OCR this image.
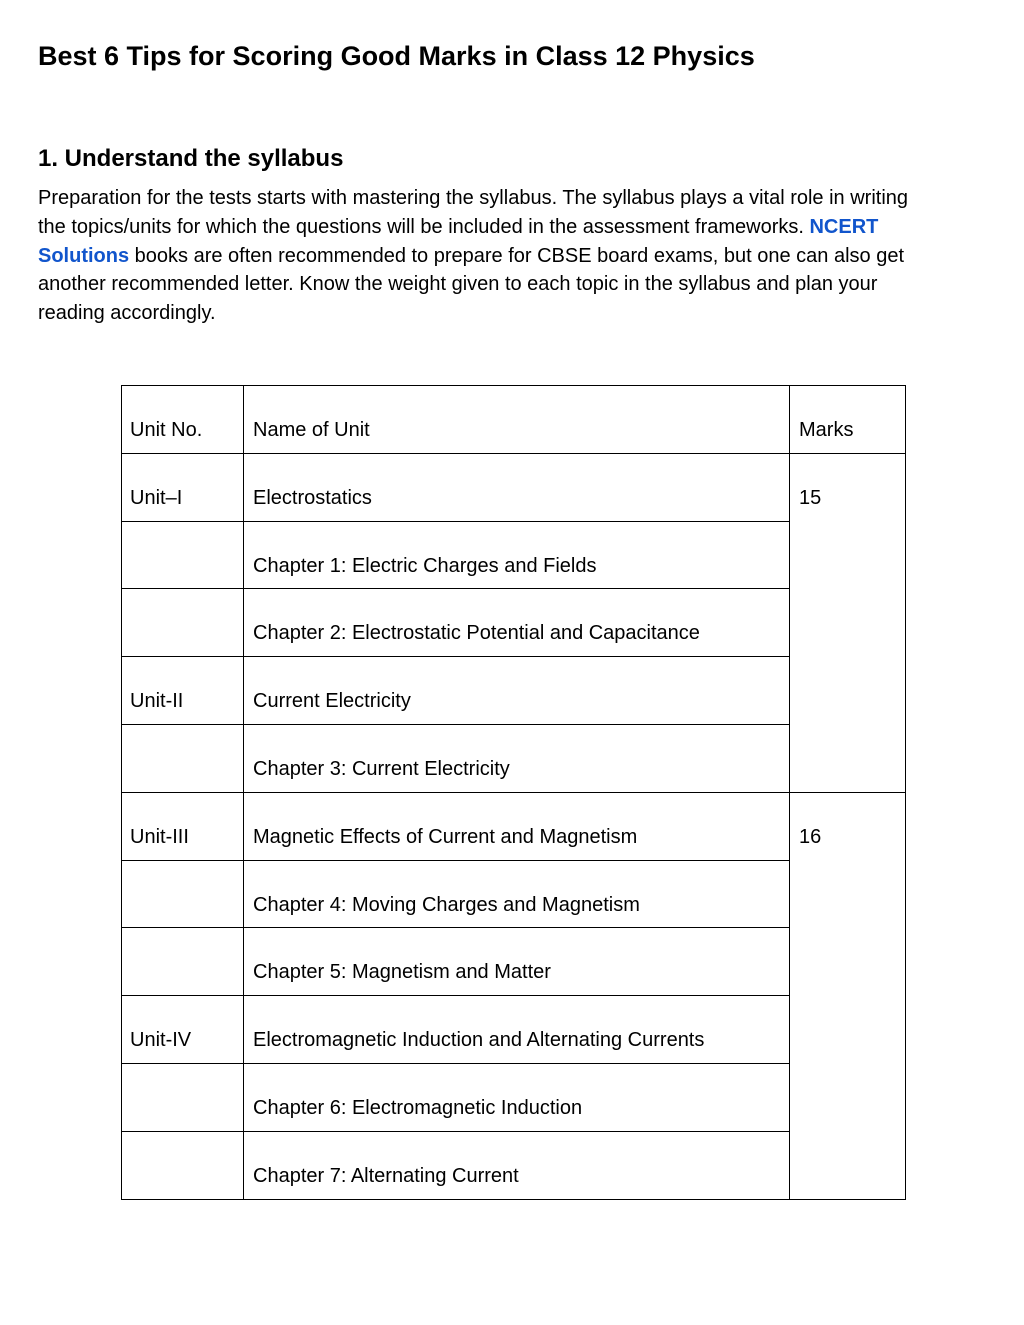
Best 6 Tips for Scoring Good Marks in Class 12 Physics
1. Understand the syllabus

Preparation for the tests starts with mastering the syllabus. The syllabus plays a vital role in writing the topics/units for which the questions will be included in the assessment frameworks. NCERT Solutions books are often recommended to prepare for CBSE board exams, but one can also get another recommended letter. Know the weight given to each topic in the syllabus and plan your reading accordingly.

Unit No.	Name of Unit	Marks

Unit–I	Electrostatics	15

	Chapter 1: Electric Charges and Fields	

	Chapter 2: Electrostatic Potential and Capacitance	

Unit-II	Current Electricity	

	Chapter 3: Current Electricity	

Unit-III	Magnetic Effects of Current and Magnetism	16

	Chapter 4: Moving Charges and Magnetism	

	Chapter 5: Magnetism and Matter	

Unit-IV	Electromagnetic Induction and Alternating Currents	

	Chapter 6: Electromagnetic Induction	

	Chapter 7: Alternating Current	
